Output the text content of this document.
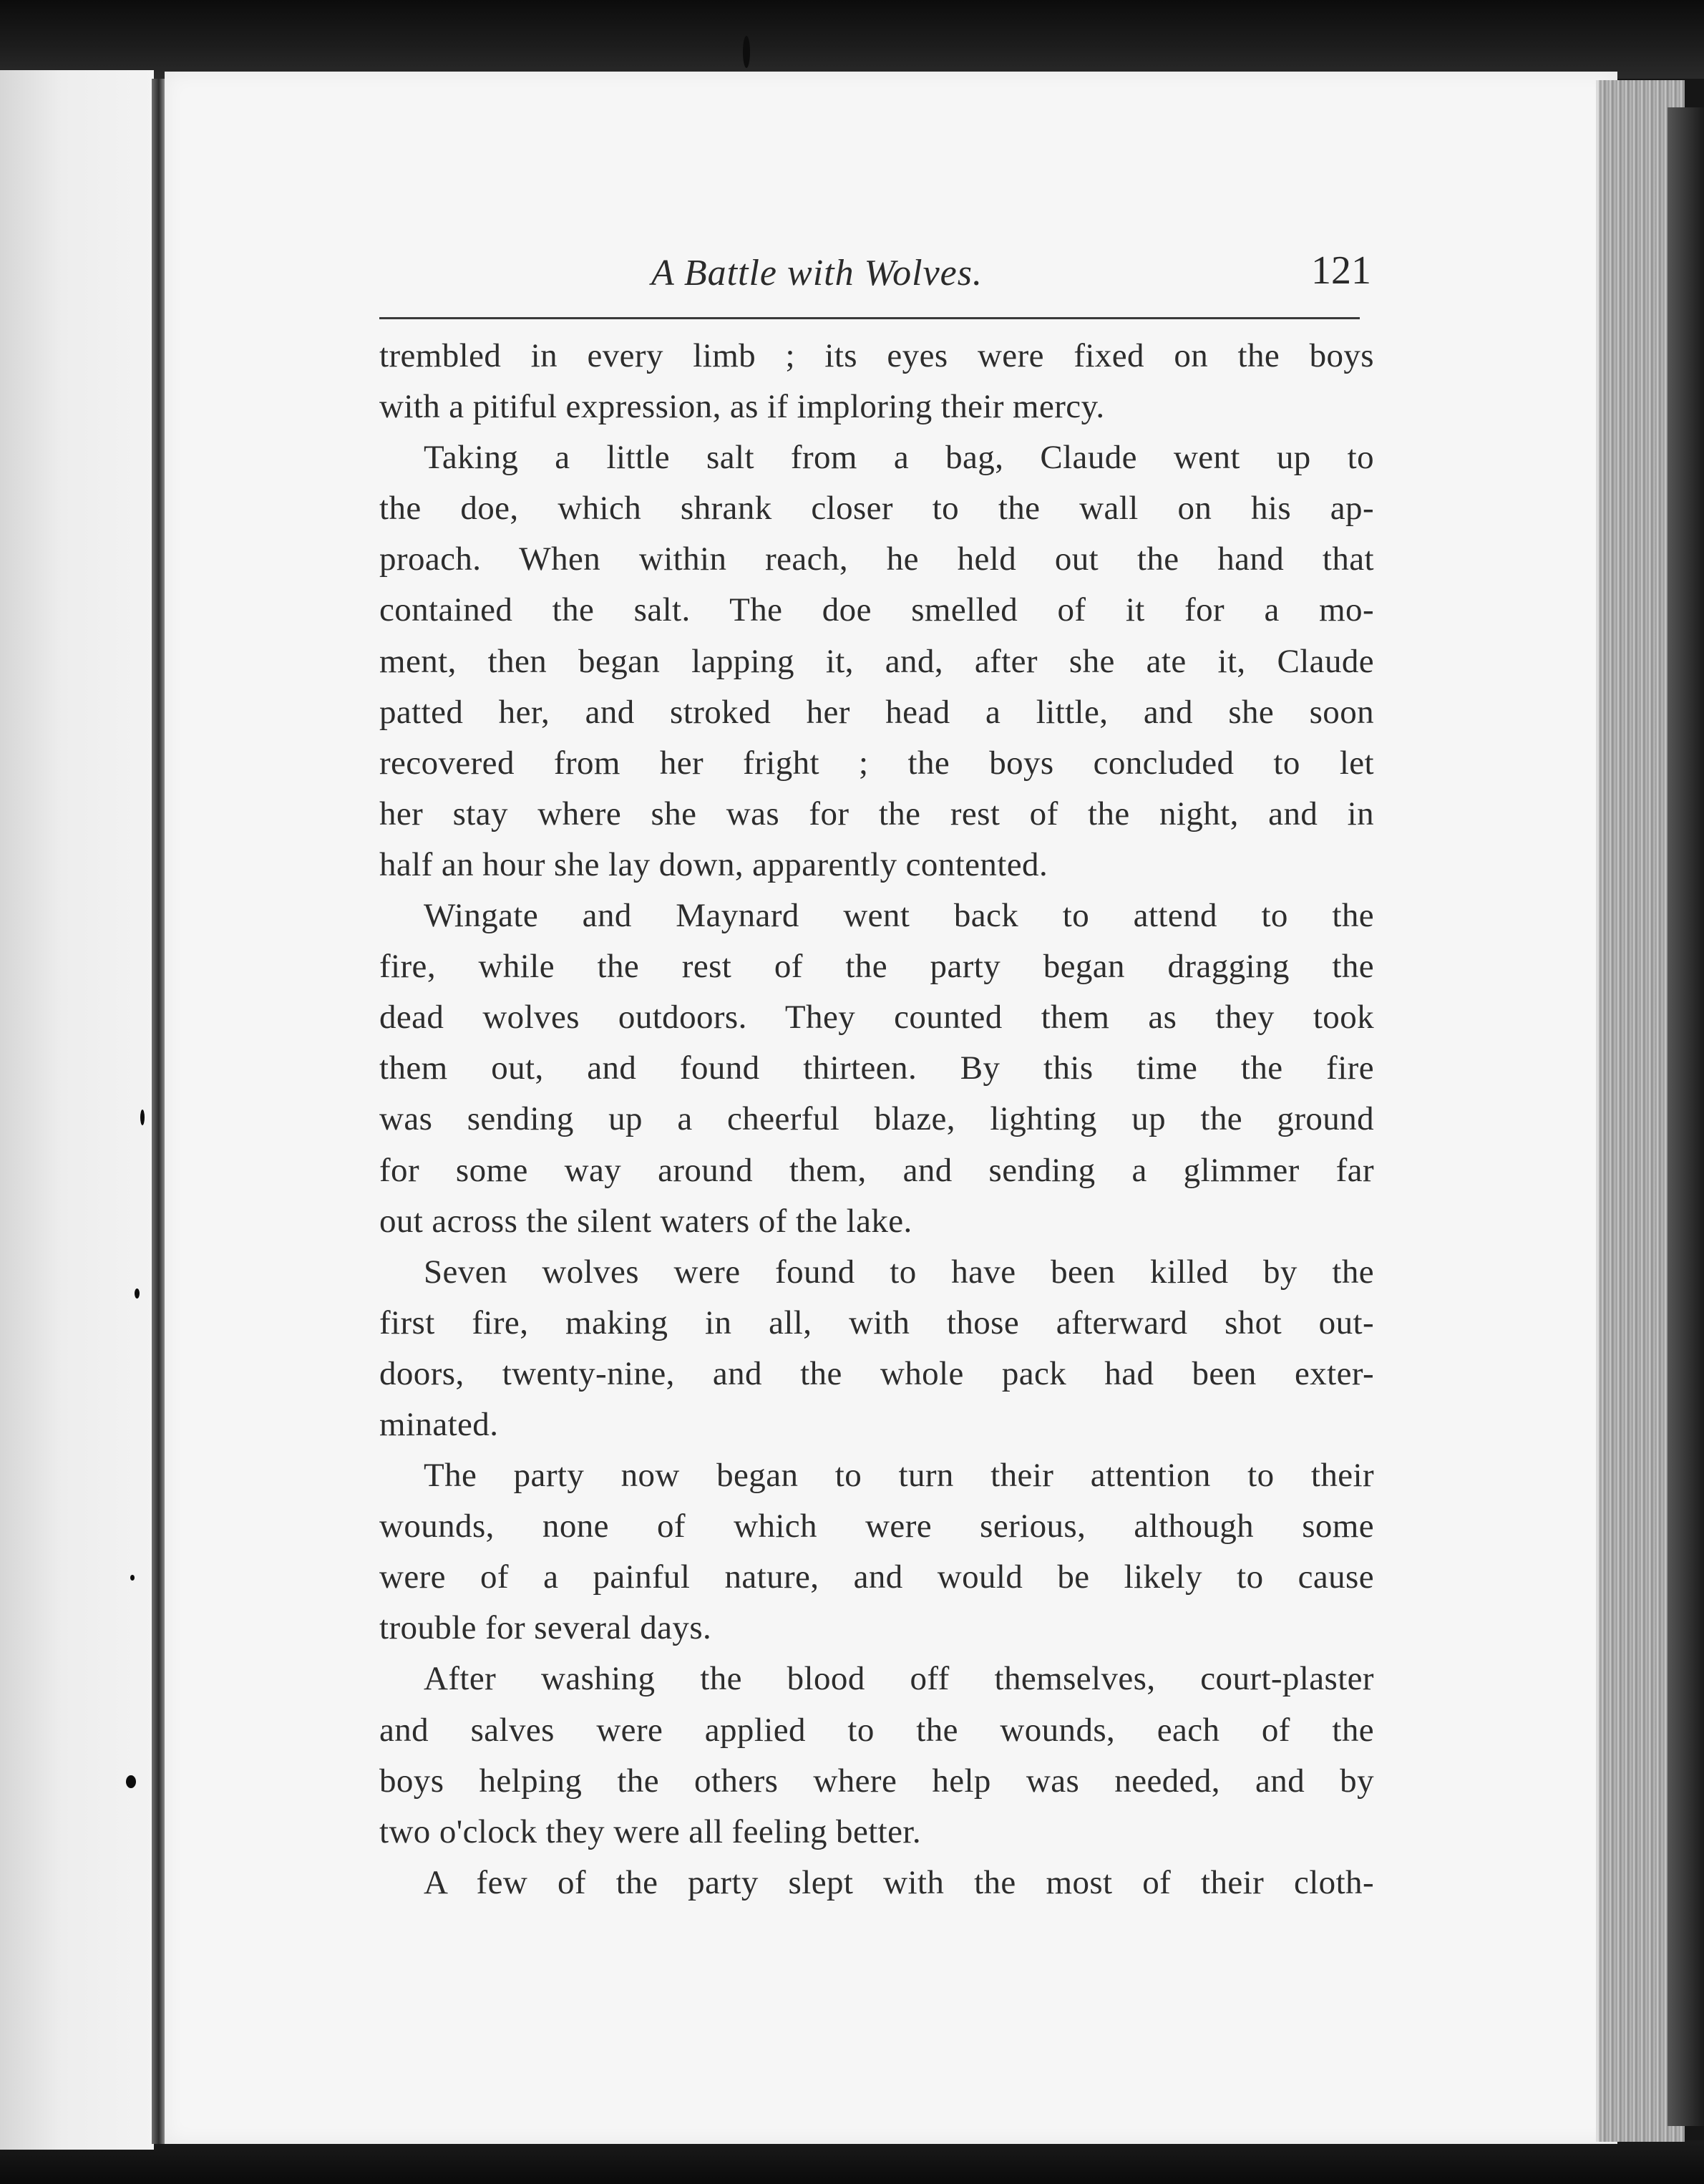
A Battle with Wolves.	121
trembled in every limb ; its eyes were fixed on the boys
with a pitiful expression, as if imploring their mercy.
Taking a little salt from a bag, Claude went up to
the doe, which shrank closer to the wall on his ap-
proach. When within reach, he held out the hand that
contained the salt. The doe smelled of it for a mo-
ment, then began lapping it, and, after she ate it, Claude
patted her, and stroked her head a little, and she soon
recovered from her fright ; the boys concluded to let
her stay where she was for the rest of the night, and in
half an hour she lay down, apparently contented.
Wingate and Maynard went back to attend to the
fire, while the rest of the party began dragging the
dead wolves outdoors. They counted them as they took
them out, and found thirteen. By this time the fire
was sending up a cheerful blaze, lighting up the ground
for some way around them, and sending a glimmer far
out across the silent waters of the lake.
Seven wolves were found to have been killed by the
first fire, making in all, with those afterward shot out-
doors, twenty-nine, and the whole pack had been exter-
minated.
The party now began to turn their attention to their
wounds, none of which were serious, although some
were of a painful nature, and would be likely to cause
trouble for several days.
After washing the blood off themselves, court-plaster
and salves were applied to the wounds, each of the
boys helping the others where help was needed, and by
two o'clock they were all feeling better.
A few of the party slept with the most of their cloth-
